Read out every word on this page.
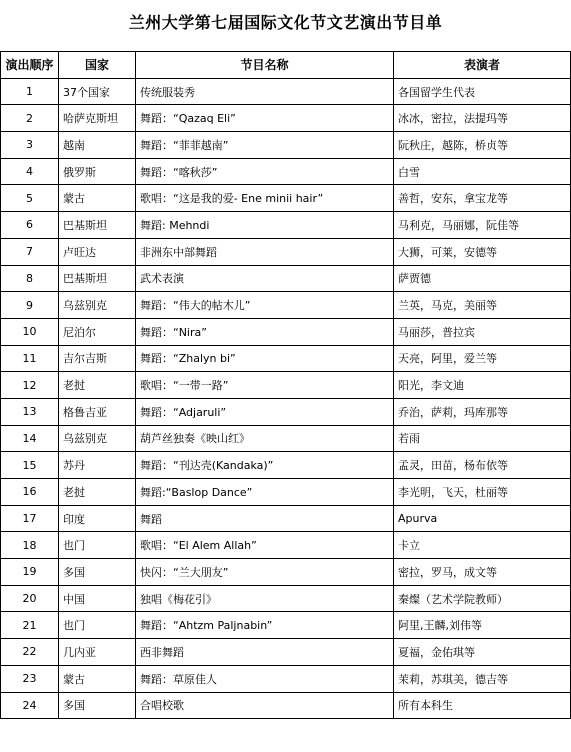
兰州大学第七届国际文化节文艺演出节目单
演出顺序	国家	节目名称	表演者
1	37个国家	传统服装秀	各国留学生代表
2	哈萨克斯坦	舞蹈：“Qazaq Eli”	冰冰，密拉，法提玛等
3	越南	舞蹈：“菲菲越南”	阮秋庄，越陈，桥贞等
4	俄罗斯	舞蹈：“喀秋莎”	白雪
5	蒙古	歌唱：“这是我的爱- Ene minii hair”	善哲，安东，拿宝龙等
6	巴基斯坦	舞蹈: Mehndi	马利克，马丽娜，阮佳等
7	卢旺达	非洲东中部舞蹈	大狮，可莱，安德等
8	巴基斯坦	武术表演	萨贾德
9	乌兹别克	舞蹈：“伟大的帖木儿”	兰英，马克，美丽等
10	尼泊尔	舞蹈：“Nira”	马丽莎，普拉宾
11	吉尔吉斯	舞蹈：“Zhalyn bi”	天亮，阿里，爱兰等
12	老挝	歌唱：“一带一路”	阳光，李文迪
13	格鲁吉亚	舞蹈：“Adjaruli”	乔治，萨莉，玛库那等
14	乌兹别克	葫芦丝独奏《映山红》	若雨
15	苏丹	舞蹈：“刊达壳(Kandaka)”	孟灵，田苗，杨布依等
16	老挝	舞蹈:“Baslop Dance”	李光明，飞天，杜丽等
17	印度	舞蹈	Apurva
18	也门	歌唱：“El Alem Allah”	卡立
19	多国	快闪：“兰大朋友”	密拉，罗马，成文等
20	中国	独唱《梅花引》	秦燦（艺术学院教师）
21	也门	舞蹈：“Ahtzm Paljnabin”	阿里,王麟,刘伟等
22	几内亚	西非舞蹈	夏福，金佑琪等
23	蒙古	舞蹈：草原佳人	茉莉，苏琪美，德吉等
24	多国	合唱校歌	所有本科生
